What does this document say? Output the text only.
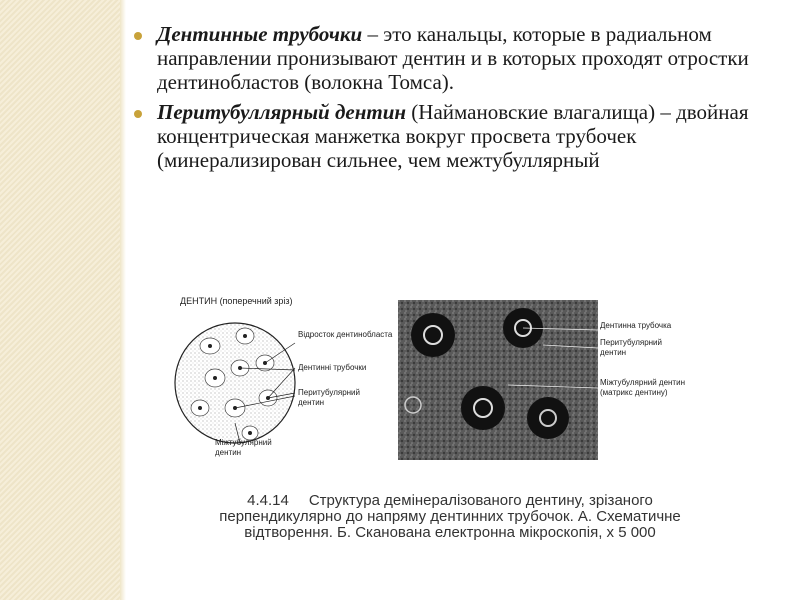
Дентинные трубочки – это канальцы, которые в радиальном направлении пронизывают дентин и в которых проходят отростки дентинобластов (волокна Томса).
Перитубуллярный дентин (Наймановские влагалища) – двойная концентрическая манжетка вокруг просвета трубочек (минерализирован сильнее, чем межтубуллярный
ДЕНТИН (поперечний зріз)
Відросток дентинобласта
Дентинні трубочки
Перитубулярний дентин
Міжтубулярний дентин
Дентинна трубочка
Перитубулярний дентин
Міжтубулярний дентин (матрикс дентину)
4.4.14 Структура демінералізованого дентину, зрізаного
перпендикулярно до напряму дентинних трубочок. А. Схематичне
відтворення. Б. Сканована електронна мікроскопія, х 5 000
